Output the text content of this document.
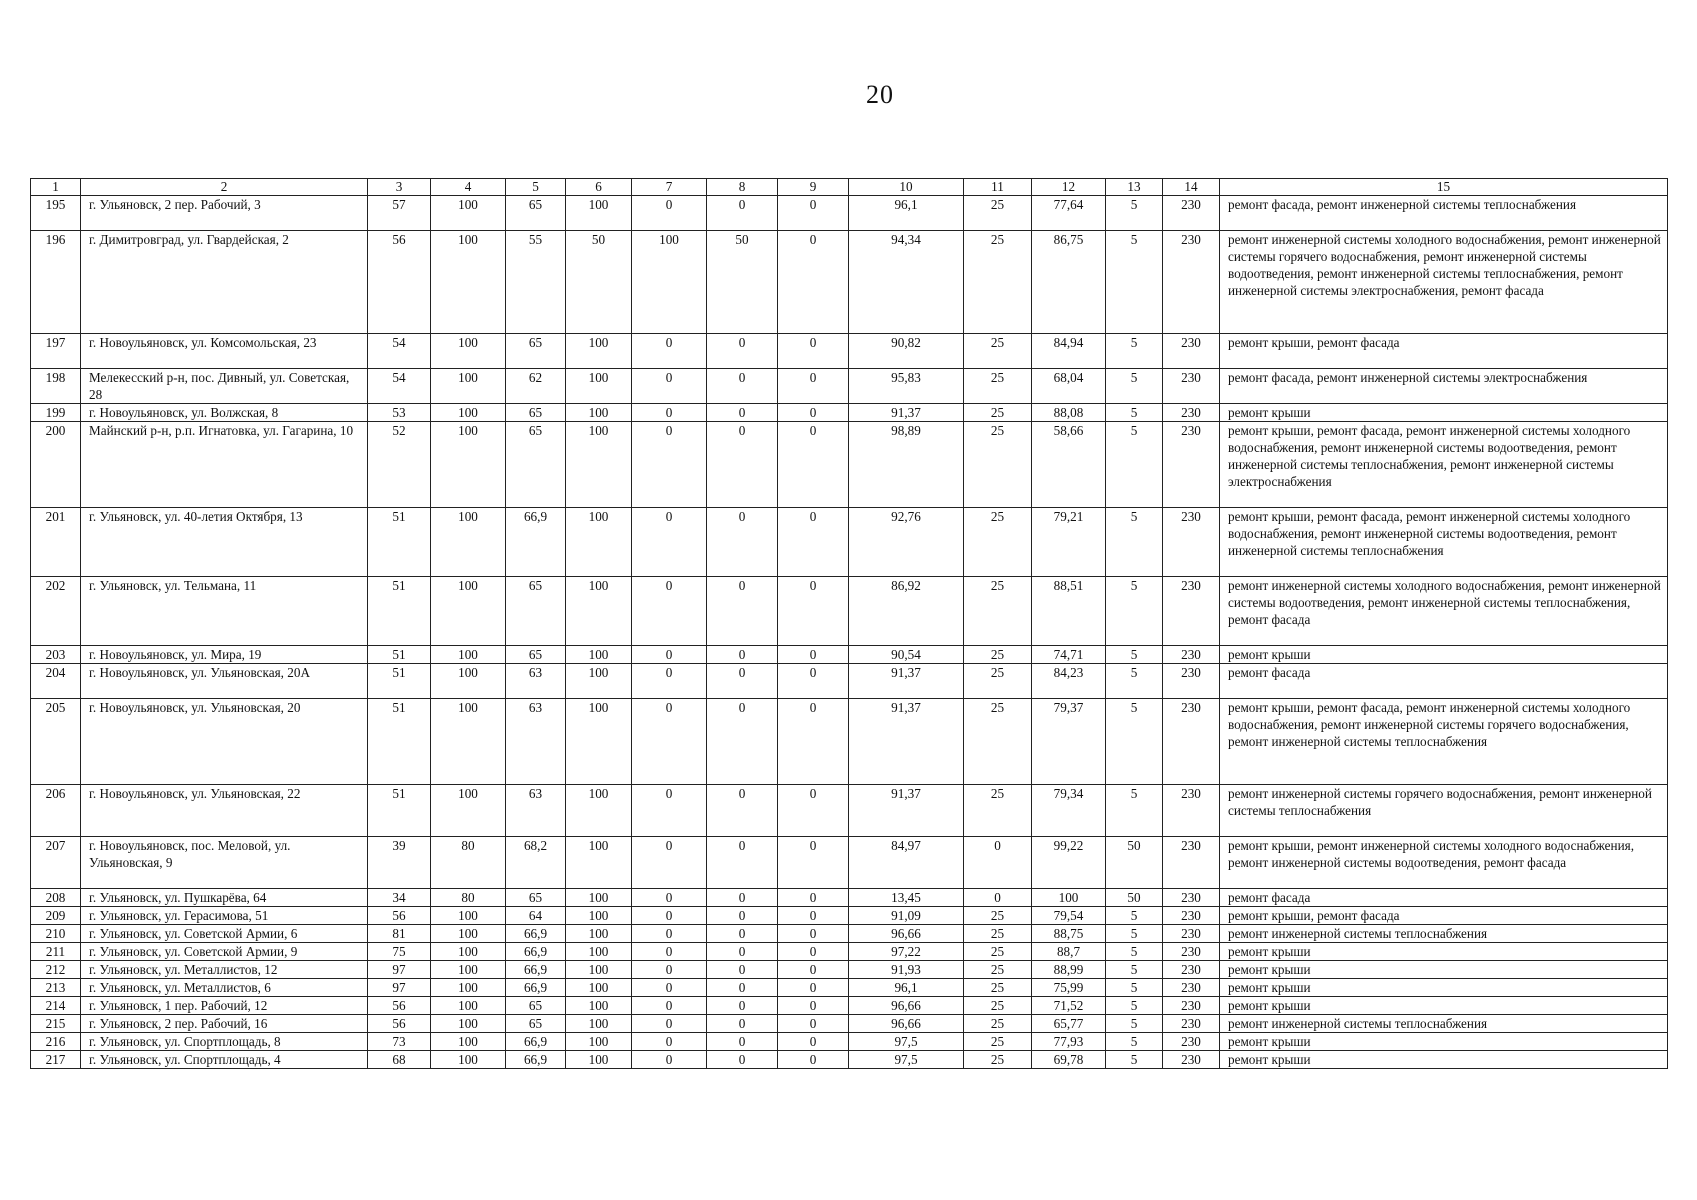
20
1	2	3	4	5	6	7	8	9	10	11	12	13	14	15
195	г. Ульяновск, 2 пер. Рабочий, 3	57	100	65	100	0	0	0	96,1	25	77,64	5	230	ремонт фасада, ремонт инженерной системы теплоснабжения
196	г. Димитровград, ул. Гвардейская, 2	56	100	55	50	100	50	0	94,34	25	86,75	5	230	ремонт инженерной системы холодного водоснабжения, ремонт инженерной системы горячего водоснабжения, ремонт инженерной системы водоотведения, ремонт инженерной системы теплоснабжения, ремонт инженерной системы электроснабжения, ремонт фасада
197	г. Новоульяновск, ул. Комсомольская, 23	54	100	65	100	0	0	0	90,82	25	84,94	5	230	ремонт крыши, ремонт фасада
198	Мелекесский р-н, пос. Дивный, ул. Советская, 28	54	100	62	100	0	0	0	95,83	25	68,04	5	230	ремонт фасада, ремонт инженерной системы электроснабжения
199	г. Новоульяновск, ул. Волжская, 8	53	100	65	100	0	0	0	91,37	25	88,08	5	230	ремонт крыши
200	Майнский р-н, р.п. Игнатовка, ул. Гагарина, 10	52	100	65	100	0	0	0	98,89	25	58,66	5	230	ремонт крыши, ремонт фасада, ремонт инженерной системы холодного водоснабжения, ремонт инженерной системы водоотведения, ремонт инженерной системы теплоснабжения, ремонт инженерной системы электроснабжения
201	г. Ульяновск, ул. 40-летия Октября, 13	51	100	66,9	100	0	0	0	92,76	25	79,21	5	230	ремонт крыши, ремонт фасада, ремонт инженерной системы холодного водоснабжения, ремонт инженерной системы водоотведения, ремонт инженерной системы теплоснабжения
202	г. Ульяновск, ул. Тельмана, 11	51	100	65	100	0	0	0	86,92	25	88,51	5	230	ремонт инженерной системы холодного водоснабжения, ремонт инженерной системы водоотведения, ремонт инженерной системы теплоснабжения, ремонт фасада
203	г. Новоульяновск, ул. Мира, 19	51	100	65	100	0	0	0	90,54	25	74,71	5	230	ремонт крыши
204	г. Новоульяновск, ул. Ульяновская, 20А	51	100	63	100	0	0	0	91,37	25	84,23	5	230	ремонт фасада
205	г. Новоульяновск, ул. Ульяновская, 20	51	100	63	100	0	0	0	91,37	25	79,37	5	230	ремонт крыши, ремонт фасада, ремонт инженерной системы холодного водоснабжения, ремонт инженерной системы горячего водоснабжения, ремонт инженерной системы теплоснабжения
206	г. Новоульяновск, ул. Ульяновская, 22	51	100	63	100	0	0	0	91,37	25	79,34	5	230	ремонт инженерной системы горячего водоснабжения, ремонт инженерной системы теплоснабжения
207	г. Новоульяновск, пос. Меловой, ул. Ульяновская, 9	39	80	68,2	100	0	0	0	84,97	0	99,22	50	230	ремонт крыши, ремонт инженерной системы холодного водоснабжения, ремонт инженерной системы водоотведения, ремонт фасада
208	г. Ульяновск, ул. Пушкарёва, 64	34	80	65	100	0	0	0	13,45	0	100	50	230	ремонт фасада
209	г. Ульяновск, ул. Герасимова, 51	56	100	64	100	0	0	0	91,09	25	79,54	5	230	ремонт крыши, ремонт фасада
210	г. Ульяновск, ул. Советской Армии, 6	81	100	66,9	100	0	0	0	96,66	25	88,75	5	230	ремонт инженерной системы теплоснабжения
211	г. Ульяновск, ул. Советской Армии, 9	75	100	66,9	100	0	0	0	97,22	25	88,7	5	230	ремонт крыши
212	г. Ульяновск, ул. Металлистов, 12	97	100	66,9	100	0	0	0	91,93	25	88,99	5	230	ремонт крыши
213	г. Ульяновск, ул. Металлистов, 6	97	100	66,9	100	0	0	0	96,1	25	75,99	5	230	ремонт крыши
214	г. Ульяновск, 1 пер. Рабочий, 12	56	100	65	100	0	0	0	96,66	25	71,52	5	230	ремонт крыши
215	г. Ульяновск, 2 пер. Рабочий, 16	56	100	65	100	0	0	0	96,66	25	65,77	5	230	ремонт инженерной системы теплоснабжения
216	г. Ульяновск, ул. Спортплощадь, 8	73	100	66,9	100	0	0	0	97,5	25	77,93	5	230	ремонт крыши
217	г. Ульяновск, ул. Спортплощадь, 4	68	100	66,9	100	0	0	0	97,5	25	69,78	5	230	ремонт крыши
